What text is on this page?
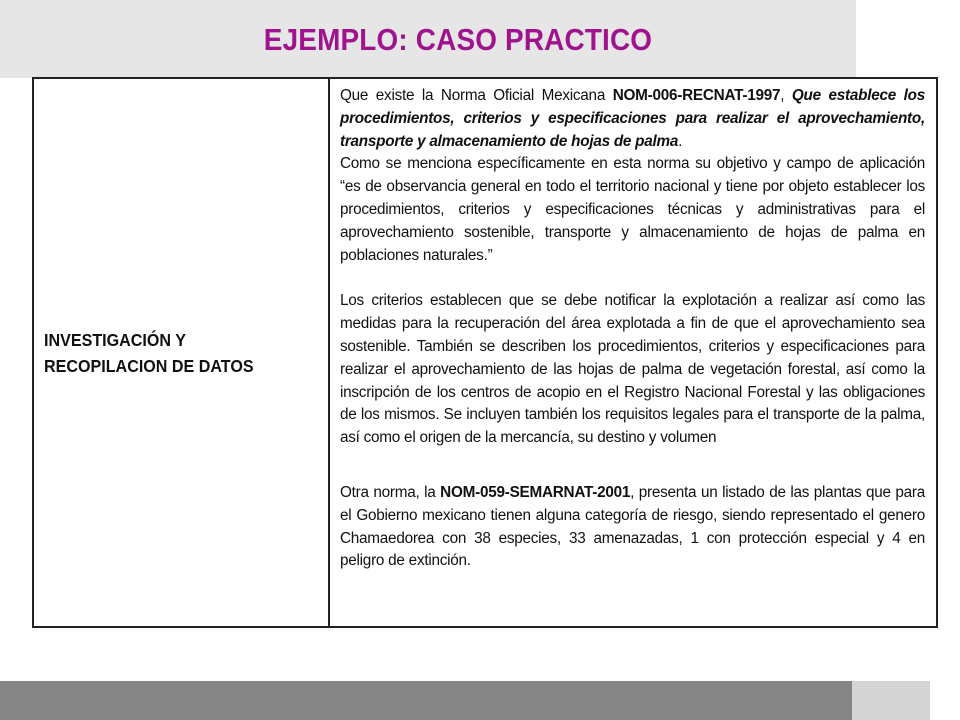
EJEMPLO: CASO PRACTICO
INVESTIGACIÓN Y
RECOPILACION DE DATOS

Que existe la Norma Oficial Mexicana NOM-006-RECNAT-1997, Que establece los procedimientos, criterios y especificaciones para realizar el aprovechamiento, transporte y almacenamiento de hojas de palma.

Como se menciona específicamente en esta norma su objetivo y campo de aplicación “es de observancia general en todo el territorio nacional y tiene por objeto establecer los procedimientos, criterios y especificaciones técnicas y administrativas para el aprovechamiento sostenible, transporte y almacenamiento de hojas de palma en poblaciones naturales.”

Los criterios establecen que se debe notificar la explotación a realizar así como las medidas para la recuperación del área explotada a fin de que el aprovechamiento sea sostenible. También se describen los procedimientos, criterios y especificaciones para realizar el aprovechamiento de las hojas de palma de vegetación forestal, así como la inscripción de los centros de acopio en el Registro Nacional Forestal y las obligaciones de los mismos. Se incluyen también los requisitos legales para el transporte de la palma, así como el origen de la mercancía, su destino y volumen

Otra norma, la NOM-059-SEMARNAT-2001, presenta un listado de las plantas que para el Gobierno mexicano tienen alguna categoría de riesgo, siendo representado el genero Chamaedorea con 38 especies, 33 amenazadas, 1 con protección especial y 4 en peligro de extinción.
